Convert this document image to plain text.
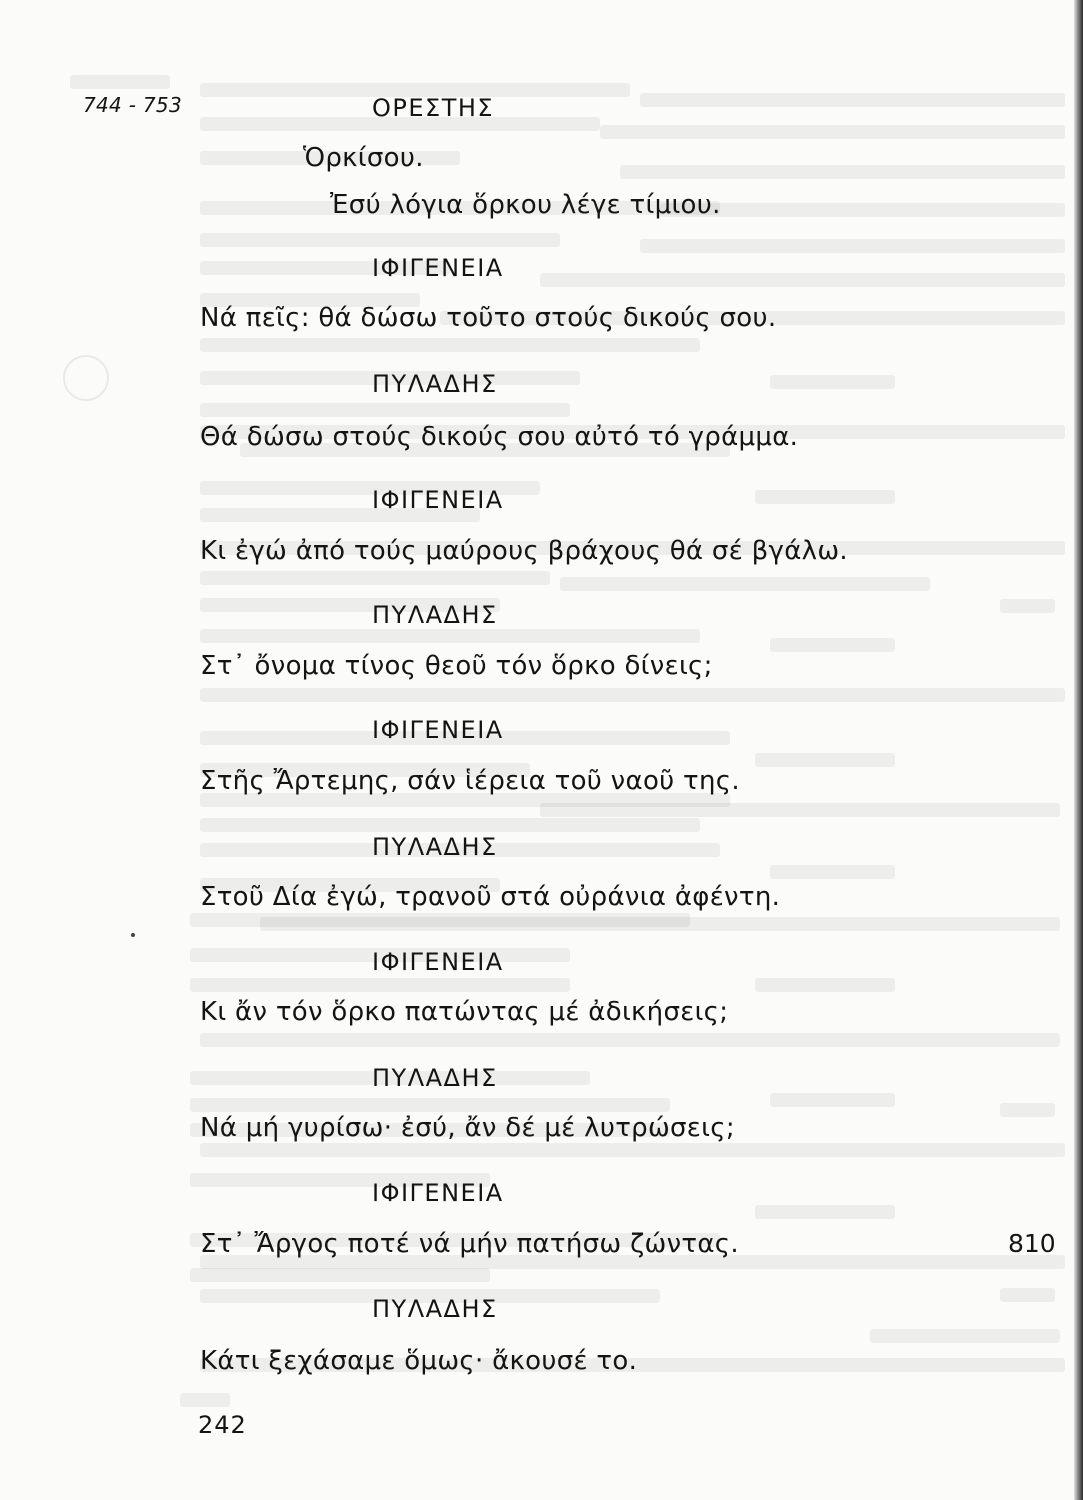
744 - 753	ΟΡΕΣΤΗΣ
Ὁρκίσου.
Ἐσύ λόγια ὅρκου λέγε τίμιου.
ΙΦΙΓΕΝΕΙΑ
Νά πεῖς: θά δώσω τοῦτο στούς δικούς σου.
ΠΥΛΑΔΗΣ
Θά δώσω στούς δικούς σου αὐτό τό γράμμα.
ΙΦΙΓΕΝΕΙΑ
Κι ἐγώ ἀπό τούς μαύρους βράχους θά σέ βγάλω.
ΠΥΛΑΔΗΣ
Στ᾽ ὄνομα τίνος θεοῦ τόν ὅρκο δίνεις;
ΙΦΙΓΕΝΕΙΑ
Στῆς Ἄρτεμης, σάν ἱέρεια τοῦ ναοῦ της.
ΠΥΛΑΔΗΣ
Στοῦ Δία ἐγώ, τρανοῦ στά οὐράνια ἀφέντη.
ΙΦΙΓΕΝΕΙΑ
Κι ἄν τόν ὅρκο πατώντας μέ ἀδικήσεις;
ΠΥΛΑΔΗΣ
Νά μή γυρίσω· ἐσύ, ἄν δέ μέ λυτρώσεις;
ΙΦΙΓΕΝΕΙΑ
Στ᾽ Ἄργος ποτέ νά μήν πατήσω ζώντας.	810
ΠΥΛΑΔΗΣ
Κάτι ξεχάσαμε ὅμως· ἄκουσέ το.
242
